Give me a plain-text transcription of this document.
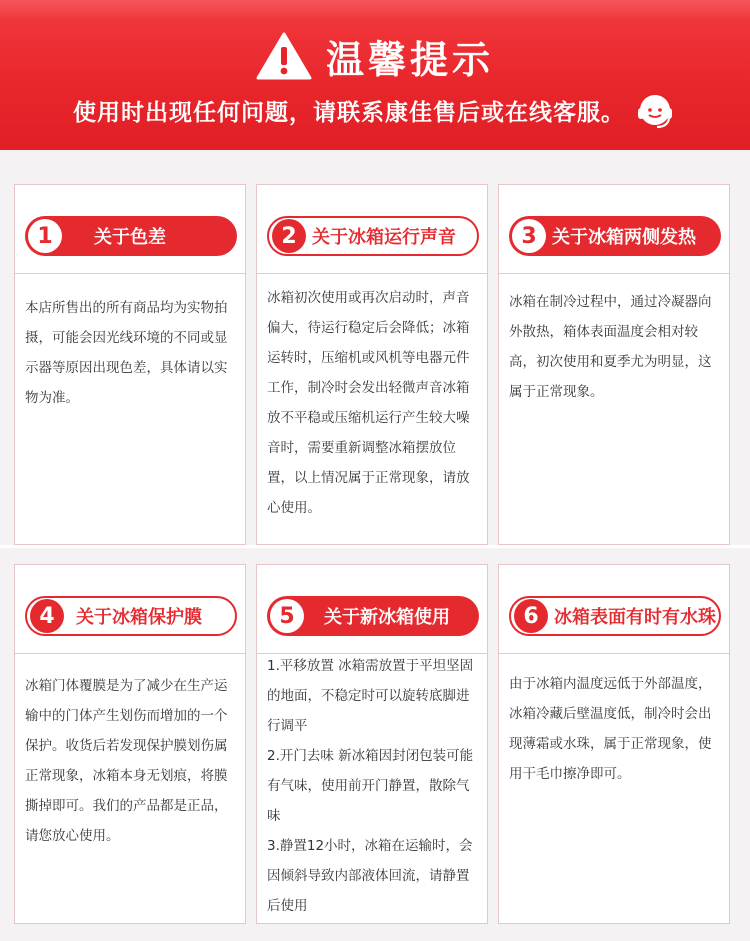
温馨提示
使用时出现任何问题，请联系康佳售后或在线客服。
1	关于色差
本店所售出的所有商品均为实物拍摄，可能会因光线环境的不同或显示器等原因出现色差，具体请以实物为准。
2 关于冰箱运行声音
冰箱初次使用或再次启动时，声音偏大，待运行稳定后会降低；冰箱运转时，压缩机或风机等电器元件工作，制冷时会发出轻微声音冰箱放不平稳或压缩机运行产生较大噪音时，需要重新调整冰箱摆放位置，以上情况属于正常现象，请放心使用。
3 关于冰箱两侧发热
冰箱在制冷过程中，通过冷凝器向外散热，箱体表面温度会相对较高，初次使用和夏季尤为明显，这属于正常现象。
4	关于冰箱保护膜
冰箱门体覆膜是为了减少在生产运输中的门体产生划伤而增加的一个保护。收货后若发现保护膜划伤属正常现象，冰箱本身无划痕，将膜撕掉即可。我们的产品都是正品，请您放心使用。
5	关于新冰箱使用
1.平移放置 冰箱需放置于平坦坚固的地面，不稳定时可以旋转底脚进行调平
2.开门去味 新冰箱因封闭包装可能有气味，使用前开门静置，散除气味
3.静置12小时，冰箱在运输时，会因倾斜导致内部液体回流，请静置后使用
6 冰箱表面有时有水珠
由于冰箱内温度远低于外部温度，冰箱冷藏后壁温度低，制冷时会出现薄霜或水珠，属于正常现象，使用干毛巾擦净即可。
